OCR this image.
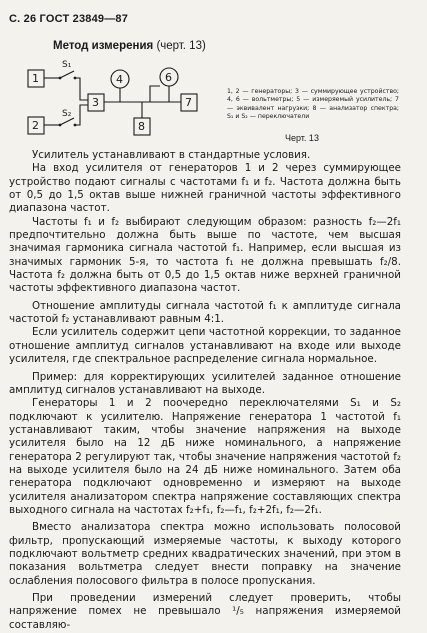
С. 26 ГОСТ 23849—87
Метод измерения (черт. 13)
1
2
3
4	6
7
8
S₁
S₂
1, 2 — генераторы; 3 — суммирующее устройство; 4, 6 — вольтметры; 5 — измеряемый усилитель; 7 — эквивалент нагрузки; 8 — анализатор спектра; S₁ и S₂ — переключатели
Черт. 13

Усилитель устанавливают в стандартные условия.

На вход усилителя от генераторов 1 и 2 через суммирующее устройство подают сигналы с частотами f₁ и f₂. Частота должна быть от 0,5 до 1,5 октав выше нижней граничной частоты эффективного диапазона частот.

Частоты f₁ и f₂ выбирают следующим образом: разность f₂—2f₁ предпочтительно должна быть выше по частоте, чем высшая значимая гармоника сигнала частотой f₁. Например, если высшая из значимых гармоник 5-я, то частота f₁ не должна превышать f₂/8. Частота f₂ должна быть от 0,5 до 1,5 октав ниже верхней граничной частоты эффективного диапазона частот.

Отношение амплитуды сигнала частотой f₁ к амплитуде сигнала частотой f₂ устанавливают равным 4:1.

Если усилитель содержит цепи частотной коррекции, то заданное отношение амплитуд сигналов устанавливают на входе или выходе усилителя, где спектральное распределение сигнала нормальное.

Пример: для корректирующих усилителей заданное отношение амплитуд сигналов устанавливают на выходе.

Генераторы 1 и 2 поочередно переключателями S₁ и S₂ подключают к усилителю. Напряжение генератора 1 частотой f₁ устанавливают таким, чтобы значение напряжения на выходе усилителя было на 12 дБ ниже номинального, а напряжение генератора 2 регулируют так, чтобы значение напряжения частотой f₂ на выходе усилителя было на 24 дБ ниже номинального. Затем оба генератора подключают одновременно и измеряют на выходе усилителя анализатором спектра напряжение составляющих спектра выходного сигнала на частотах f₂+f₁, f₂—f₁, f₂+2f₁, f₂—2f₁.

Вместо анализатора спектра можно использовать полосовой фильтр, пропускающий измеряемые частоты, к выходу которого подключают вольтметр средних квадратических значений, при этом в показания вольтметра следует внести поправку на значение ослабления полосового фильтра в полосе пропускания.

При проведении измерений следует проверить, чтобы напряжение помех не превышало ¹/₅ напряжения измеряемой составляю-
